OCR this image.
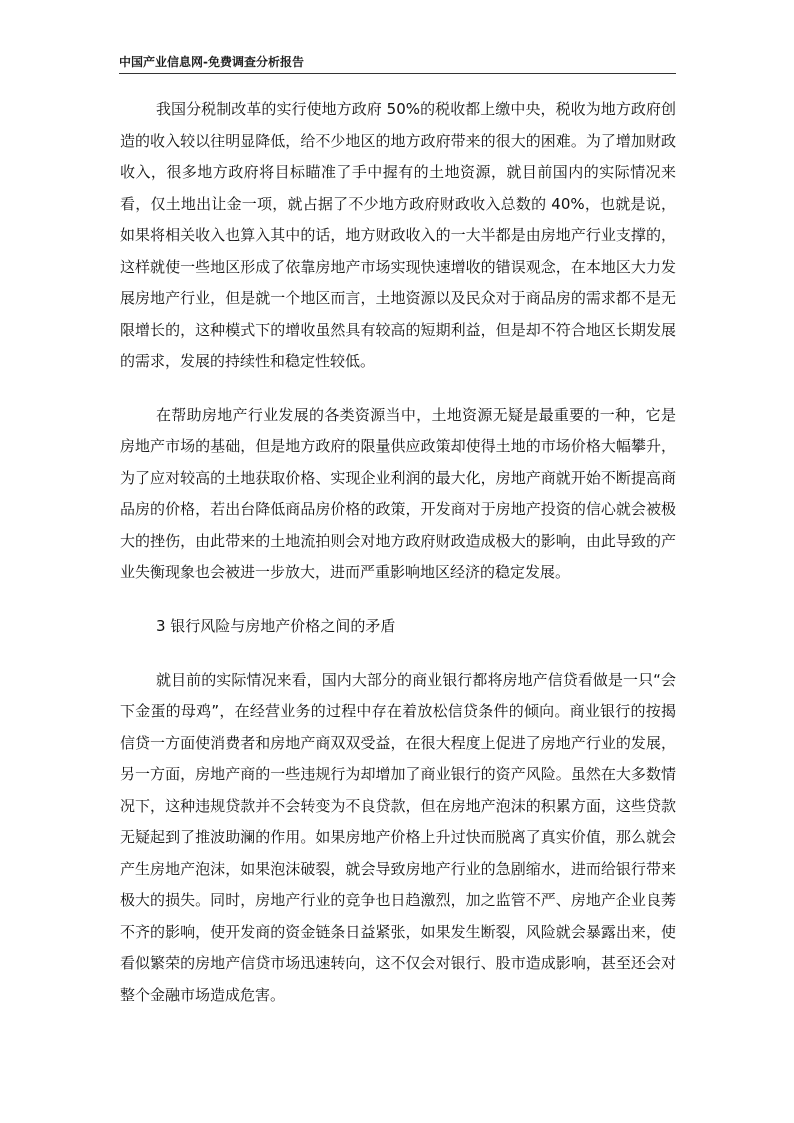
中国产业信息网-免费调查分析报告

我国分税制改革的实行使地方政府 50%的税收都上缴中央，税收为地方政府创造的收入较以往明显降低，给不少地区的地方政府带来的很大的困难。为了增加财政收入，很多地方政府将目标瞄准了手中握有的土地资源，就目前国内的实际情况来看，仅土地出让金一项，就占据了不少地方政府财政收入总数的 40%，也就是说，如果将相关收入也算入其中的话，地方财政收入的一大半都是由房地产行业支撑的，这样就使一些地区形成了依靠房地产市场实现快速增收的错误观念，在本地区大力发展房地产行业，但是就一个地区而言，土地资源以及民众对于商品房的需求都不是无限增长的，这种模式下的增收虽然具有较高的短期利益，但是却不符合地区长期发展的需求，发展的持续性和稳定性较低。

在帮助房地产行业发展的各类资源当中，土地资源无疑是最重要的一种，它是房地产市场的基础，但是地方政府的限量供应政策却使得土地的市场价格大幅攀升，为了应对较高的土地获取价格、实现企业利润的最大化，房地产商就开始不断提高商品房的价格，若出台降低商品房价格的政策，开发商对于房地产投资的信心就会被极大的挫伤，由此带来的土地流拍则会对地方政府财政造成极大的影响，由此导致的产业失衡现象也会被进一步放大，进而严重影响地区经济的稳定发展。

3 银行风险与房地产价格之间的矛盾

就目前的实际情况来看，国内大部分的商业银行都将房地产信贷看做是一只“会下金蛋的母鸡”，在经营业务的过程中存在着放松信贷条件的倾向。商业银行的按揭信贷一方面使消费者和房地产商双双受益，在很大程度上促进了房地产行业的发展，另一方面，房地产商的一些违规行为却增加了商业银行的资产风险。虽然在大多数情况下，这种违规贷款并不会转变为不良贷款，但在房地产泡沫的积累方面，这些贷款无疑起到了推波助澜的作用。如果房地产价格上升过快而脱离了真实价值，那么就会产生房地产泡沫，如果泡沫破裂，就会导致房地产行业的急剧缩水，进而给银行带来极大的损失。同时，房地产行业的竞争也日趋激烈，加之监管不严、房地产企业良莠不齐的影响，使开发商的资金链条日益紧张，如果发生断裂，风险就会暴露出来，使看似繁荣的房地产信贷市场迅速转向，这不仅会对银行、股市造成影响，甚至还会对整个金融市场造成危害。
